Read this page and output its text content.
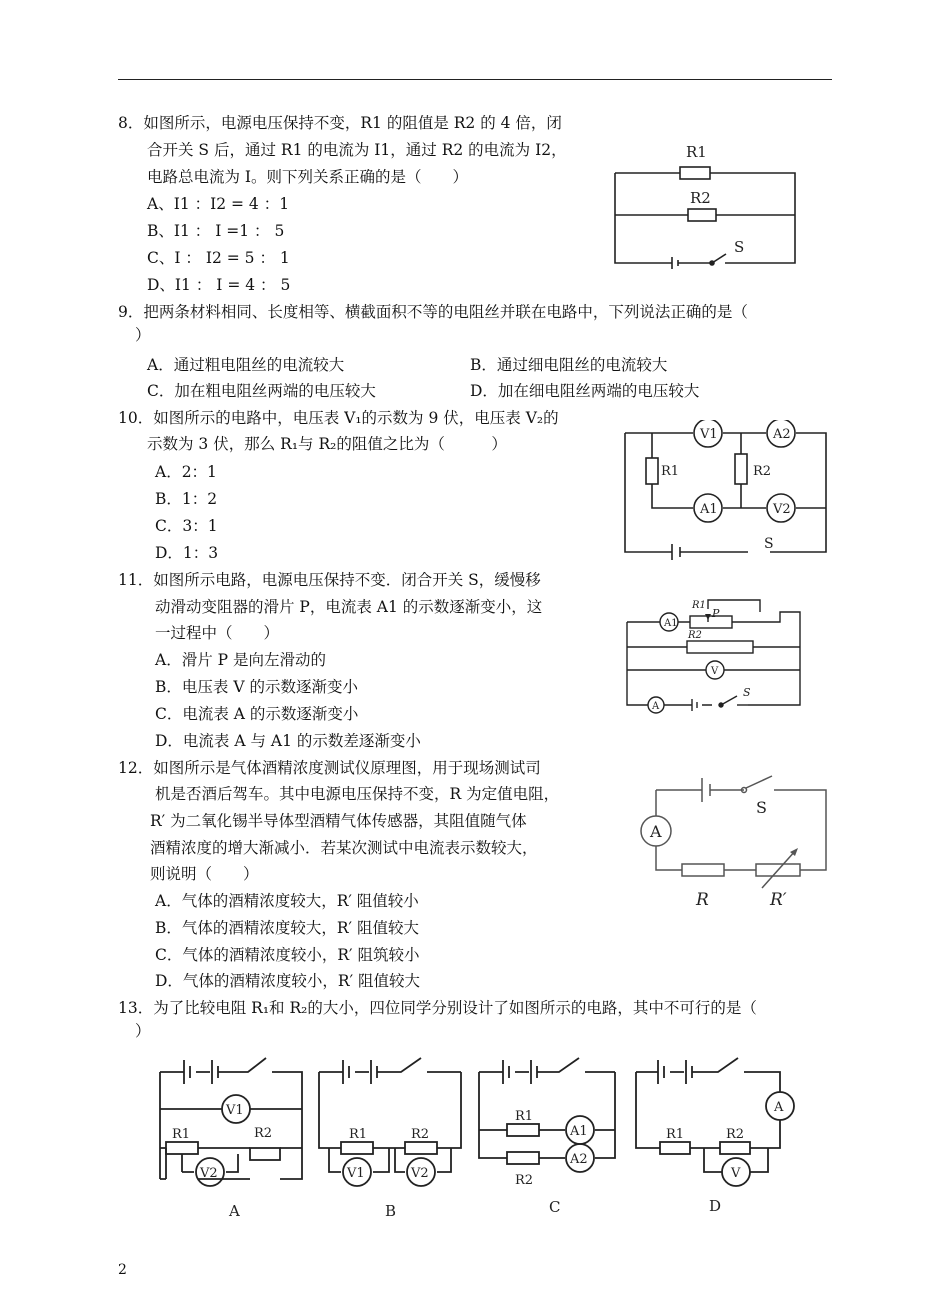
8．如图所示，电源电压保持不变，R1 的阻值是 R2 的 4 倍，闭
合开关 S 后，通过 R1 的电流为 I1，通过 R2 的电流为 I2，
电路总电流为 I。则下列关系正确的是（　　）
A、I1 ：I2 = 4 ：1
B、I1 ： I =1 ： 5
C、I ： I2 = 5 ： 1
D、I1 ： I = 4 ： 5
R1
R2
S
9．把两条材料相同、长度相等、横截面积不等的电阻丝并联在电路中，下列说法正确的是（
）
A．通过粗电阻丝的电流较大	B．通过细电阻丝的电流较大
C．加在粗电阻丝两端的电压较大	D．加在细电阻丝两端的电压较大
10．如图所示的电路中，电压表 V₁的示数为 9 伏，电压表 V₂的
示数为 3 伏，那么 R₁与 R₂的阻值之比为（　　　）
A．2：1
B．1：2
C．3：1
D．1：3
V1	A2
R1	R2
A1	V2
S
11．如图所示电路，电源电压保持不变．闭合开关 S，缓慢移
动滑动变阻器的滑片 P，电流表 A1 的示数逐渐变小，这
一过程中（　　）
A．滑片 P 是向左滑动的
B．电压表 V 的示数逐渐变小
C．电流表 A 的示数逐渐变小
D．电流表 A 与 A1 的示数差逐渐变小
A1
R1
P
R2
V
A
S
12．如图所示是气体酒精浓度测试仪原理图，用于现场测试司
机是否酒后驾车。其中电源电压保持不变，R 为定值电阻，
R′ 为二氧化锡半导体型酒精气体传感器，其阻值随气体
酒精浓度的增大渐减小．若某次测试中电流表示数较大，
则说明（　　）
A．气体的酒精浓度较大，R′ 阻值较小
B．气体的酒精浓度较大，R′ 阻值较大
C．气体的酒精浓度较小，R′ 阻筑较小
D．气体的酒精浓度较小，R′ 阻值较大
A
S
R	R′
13．为了比较电阻 R₁和 R₂的大小，四位同学分别设计了如图所示的电路，其中不可行的是（
）
V1
R1	R2
V2
A
R1	R2
V1	V2
B
R1
A1
R2
A2
C
A
R1	R2
V
D
2
